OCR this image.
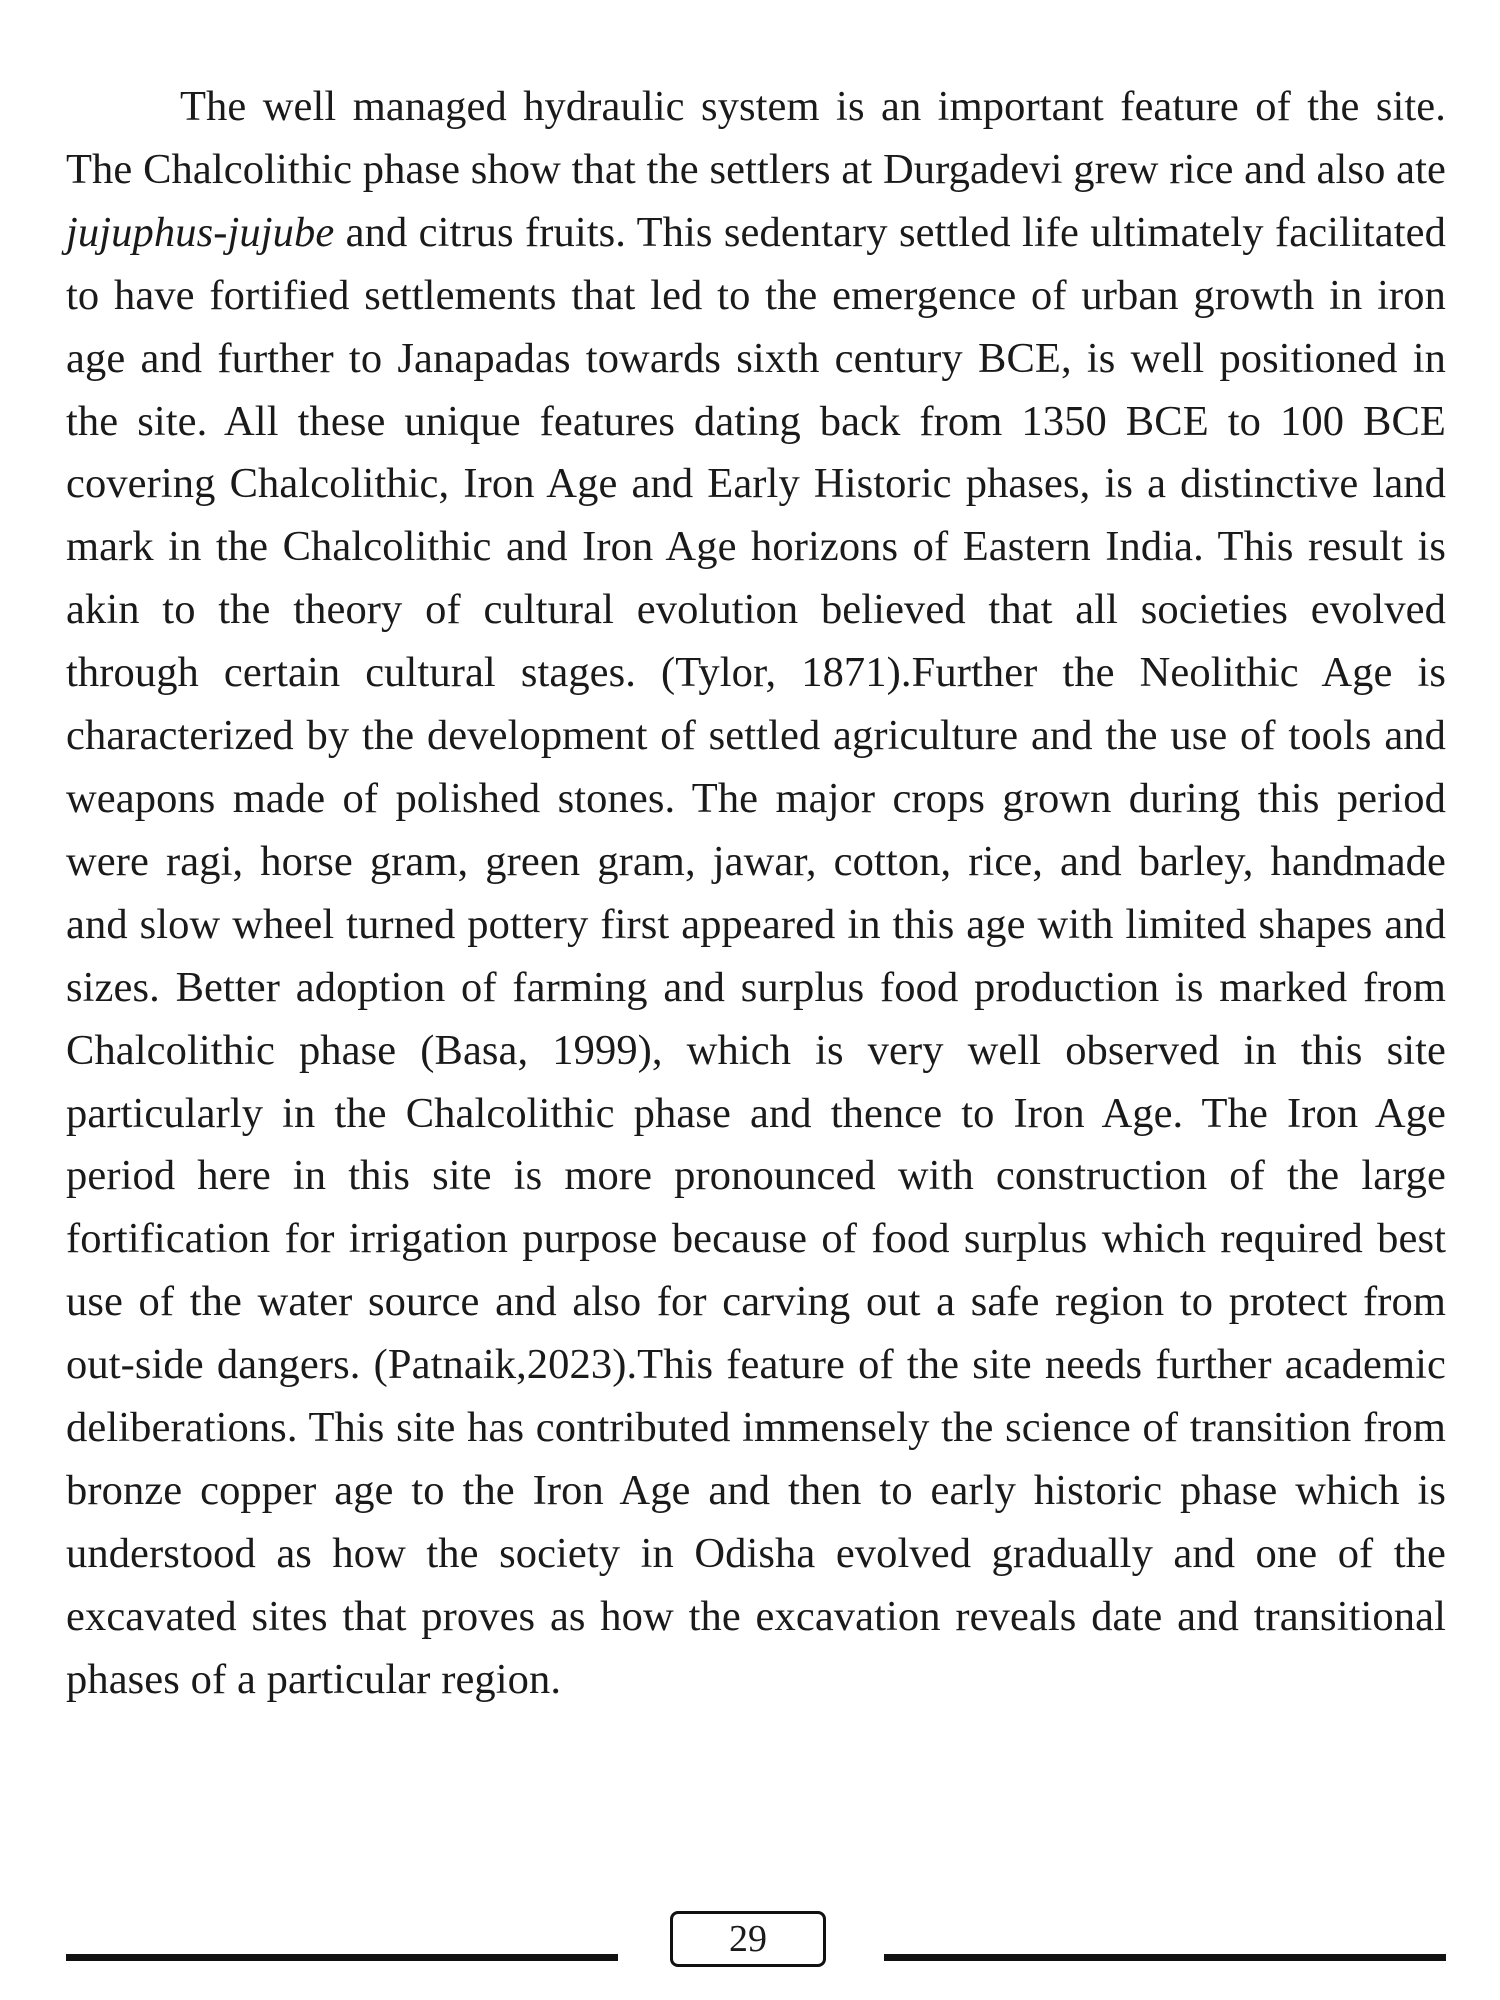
The well managed hydraulic system is an important feature of the site. The Chalcolithic phase show that the settlers at Durgadevi grew rice and also ate jujuphus-jujube and citrus fruits. This sedentary settled life ultimately facilitated to have fortified settlements that led to the emergence of urban growth in iron age and further to Janapadas towards sixth century BCE, is well positioned in the site. All these unique features dating back from 1350 BCE to 100 BCE covering Chalcolithic, Iron Age and Early Historic phases, is a distinctive land mark in the Chalcolithic and Iron Age horizons of Eastern India. This result is akin to the theory of cultural evolution believed that all societies evolved through certain cultural stages. (Tylor, 1871).Further the Neolithic Age is characterized by the development of settled agriculture and the use of tools and weapons made of polished stones. The major crops grown during this period were ragi, horse gram, green gram, jawar, cotton, rice, and barley, handmade and slow wheel turned pottery first appeared in this age with limited shapes and sizes. Better adoption of farming and surplus food production is marked from Chalcolithic phase (Basa, 1999), which is very well observed in this site particularly in the Chalcolithic phase and thence to Iron Age. The Iron Age period here in this site is more pronounced with construction of the large fortification for irrigation purpose because of food surplus which required best use of the water source and also for carving out a safe region to protect from out-side dangers. (Patnaik,2023).This feature of the site needs further academic deliberations. This site has contributed immensely the science of transition from bronze copper age to the Iron Age and then to early historic phase which is understood as how the society in Odisha evolved gradually and one of the excavated sites that proves as how the excavation reveals date and transitional phases of a particular region.

29
